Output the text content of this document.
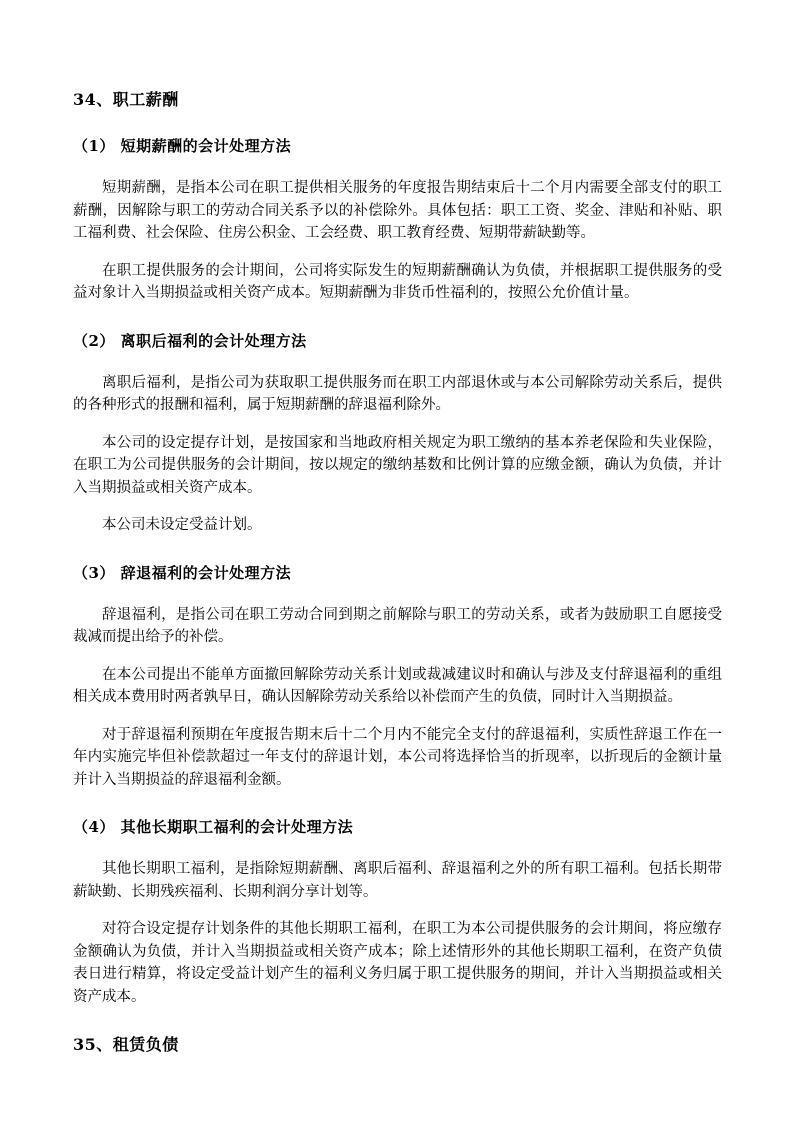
34、职工薪酬
（1） 短期薪酬的会计处理方法

短期薪酬，是指本公司在职工提供相关服务的年度报告期结束后十二个月内需要全部支付的职工薪酬，因解除与职工的劳动合同关系予以的补偿除外。具体包括：职工工资、奖金、津贴和补贴、职工福利费、社会保险、住房公积金、工会经费、职工教育经费、短期带薪缺勤等。

在职工提供服务的会计期间，公司将实际发生的短期薪酬确认为负债，并根据职工提供服务的受益对象计入当期损益或相关资产成本。短期薪酬为非货币性福利的，按照公允价值计量。

（2） 离职后福利的会计处理方法

离职后福利，是指公司为获取职工提供服务而在职工内部退休或与本公司解除劳动关系后，提供的各种形式的报酬和福利，属于短期薪酬的辞退福利除外。

本公司的设定提存计划，是按国家和当地政府相关规定为职工缴纳的基本养老保险和失业保险，在职工为公司提供服务的会计期间，按以规定的缴纳基数和比例计算的应缴金额，确认为负债，并计入当期损益或相关资产成本。

本公司未设定受益计划。

（3） 辞退福利的会计处理方法

辞退福利，是指公司在职工劳动合同到期之前解除与职工的劳动关系，或者为鼓励职工自愿接受裁减而提出给予的补偿。

在本公司提出不能单方面撤回解除劳动关系计划或裁减建议时和确认与涉及支付辞退福利的重组相关成本费用时两者孰早日，确认因解除劳动关系给以补偿而产生的负债，同时计入当期损益。

对于辞退福利预期在年度报告期末后十二个月内不能完全支付的辞退福利，实质性辞退工作在一年内实施完毕但补偿款超过一年支付的辞退计划，本公司将选择恰当的折现率，以折现后的金额计量并计入当期损益的辞退福利金额。

（4） 其他长期职工福利的会计处理方法

其他长期职工福利，是指除短期薪酬、离职后福利、辞退福利之外的所有职工福利。包括长期带薪缺勤、长期残疾福利、长期利润分享计划等。

对符合设定提存计划条件的其他长期职工福利，在职工为本公司提供服务的会计期间，将应缴存金额确认为负债，并计入当期损益或相关资产成本；除上述情形外的其他长期职工福利，在资产负债表日进行精算，将设定受益计划产生的福利义务归属于职工提供服务的期间，并计入当期损益或相关资产成本。

35、租赁负债
